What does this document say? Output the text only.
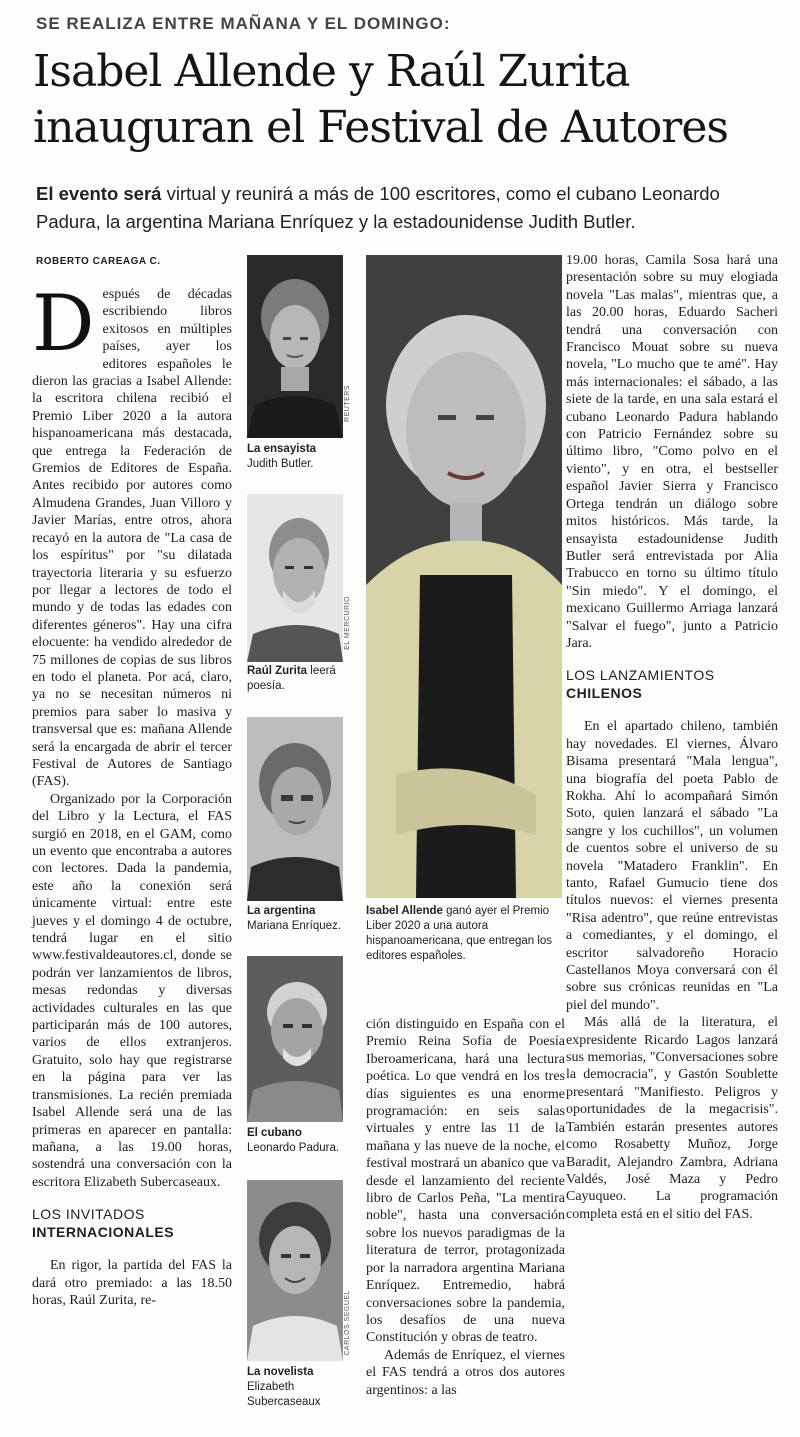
SE REALIZA ENTRE MAÑANA Y EL DOMINGO:
Isabel Allende y Raúl Zurita inauguran el Festival de Autores
El evento será virtual y reunirá a más de 100 escritores, como el cubano Leonardo Padura, la argentina Mariana Enríquez y la estadounidense Judith Butler.
ROBERTO CAREAGA C.

Después de décadas escribiendo libros exitosos en múltiples países, ayer los editores españoles le dieron las gracias a Isabel Allende: la escritora chilena recibió el Premio Liber 2020 a la autora hispanoamericana más destacada, que entrega la Federación de Gremios de Editores de España. Antes recibido por autores como Almudena Grandes, Juan Villoro y Javier Marías, entre otros, ahora recayó en la autora de "La casa de los espíritus" por "su dilatada trayectoria literaria y su esfuerzo por llegar a lectores de todo el mundo y de todas las edades con diferentes géneros". Hay una cifra elocuente: ha vendido alrededor de 75 millones de copias de sus libros en todo el planeta. Por acá, claro, ya no se necesitan números ni premios para saber lo masiva y transversal que es: mañana Allende será la encargada de abrir el tercer Festival de Autores de Santiago (FAS).

Organizado por la Corporación del Libro y la Lectura, el FAS surgió en 2018, en el GAM, como un evento que encontraba a autores con lectores. Dada la pandemia, este año la conexión será únicamente virtual: entre este jueves y el domingo 4 de octubre, tendrá lugar en el sitio www.festivaldeautores.cl, donde se podrán ver lanzamientos de libros, mesas redondas y diversas actividades culturales en las que participarán más de 100 autores, varios de ellos extranjeros. Gratuito, solo hay que registrarse en la página para ver las transmisiones. La recién premiada Isabel Allende será una de las primeras en aparecer en pantalla: mañana, a las 19.00 horas, sostendrá una conversación con la escritora Elizabeth Subercaseaux.

LOS INVITADOS
INTERNACIONALES

En rigor, la partida del FAS la dará otro premiado: a las 18.50 horas, Raúl Zurita, re-

REUTERS
La ensayista Judith Butler.
EL MERCURIO
Raúl Zurita leerá poesía.
La argentina Mariana Enríquez.
El cubano Leonardo Padura.
CARLOS SEGUEL
La novelista Elizabeth Subercaseaux
Isabel Allende ganó ayer el Premio Liber 2020 a una autora hispanoamericana, que entregan los editores españoles.

ción distinguido en España con el Premio Reina Sofía de Poesía Iberoamericana, hará una lectura poética. Lo que vendrá en los tres días siguientes es una enorme programación: en seis salas virtuales y entre las 11 de la mañana y las nueve de la noche, el festival mostrará un abanico que va desde el lanzamiento del reciente libro de Carlos Peña, "La mentira noble", hasta una conversación sobre los nuevos paradigmas de la literatura de terror, protagonizada por la narradora argentina Mariana Enríquez. Entremedio, habrá conversaciones sobre la pandemia, los desafíos de una nueva Constitución y obras de teatro.

Además de Enríquez, el viernes el FAS tendrá a otros dos autores argentinos: a las

19.00 horas, Camila Sosa hará una presentación sobre su muy elogiada novela "Las malas", mientras que, a las 20.00 horas, Eduardo Sacheri tendrá una conversación con Francisco Mouat sobre su nueva novela, "Lo mucho que te amé". Hay más internacionales: el sábado, a las siete de la tarde, en una sala estará el cubano Leonardo Padura hablando con Patricio Fernández sobre su último libro, "Como polvo en el viento", y en otra, el bestseller español Javier Sierra y Francisco Ortega tendrán un diálogo sobre mitos históricos. Más tarde, la ensayista estadounidense Judith Butler será entrevistada por Alia Trabucco en torno su último título "Sin miedo". Y el domingo, el mexicano Guillermo Arriaga lanzará "Salvar el fuego", junto a Patricio Jara.

LOS LANZAMIENTOS
CHILENOS

En el apartado chileno, también hay novedades. El viernes, Álvaro Bisama presentará "Mala lengua", una biografía del poeta Pablo de Rokha. Ahí lo acompañará Simón Soto, quien lanzará el sábado "La sangre y los cuchillos", un volumen de cuentos sobre el universo de su novela "Matadero Franklin". En tanto, Rafael Gumucio tiene dos títulos nuevos: el viernes presenta "Risa adentro", que reúne entrevistas a comediantes, y el domingo, el escritor salvadoreño Horacio Castellanos Moya conversará con él sobre sus crónicas reunidas en "La piel del mundo".

Más allá de la literatura, el expresidente Ricardo Lagos lanzará sus memorias, "Conversaciones sobre la democracia", y Gastón Soublette presentará "Manifiesto. Peligros y oportunidades de la megacrisis". También estarán presentes autores como Rosabetty Muñoz, Jorge Baradit, Alejandro Zambra, Adriana Valdés, José Maza y Pedro Cayuqueo. La programación completa está en el sitio del FAS.
